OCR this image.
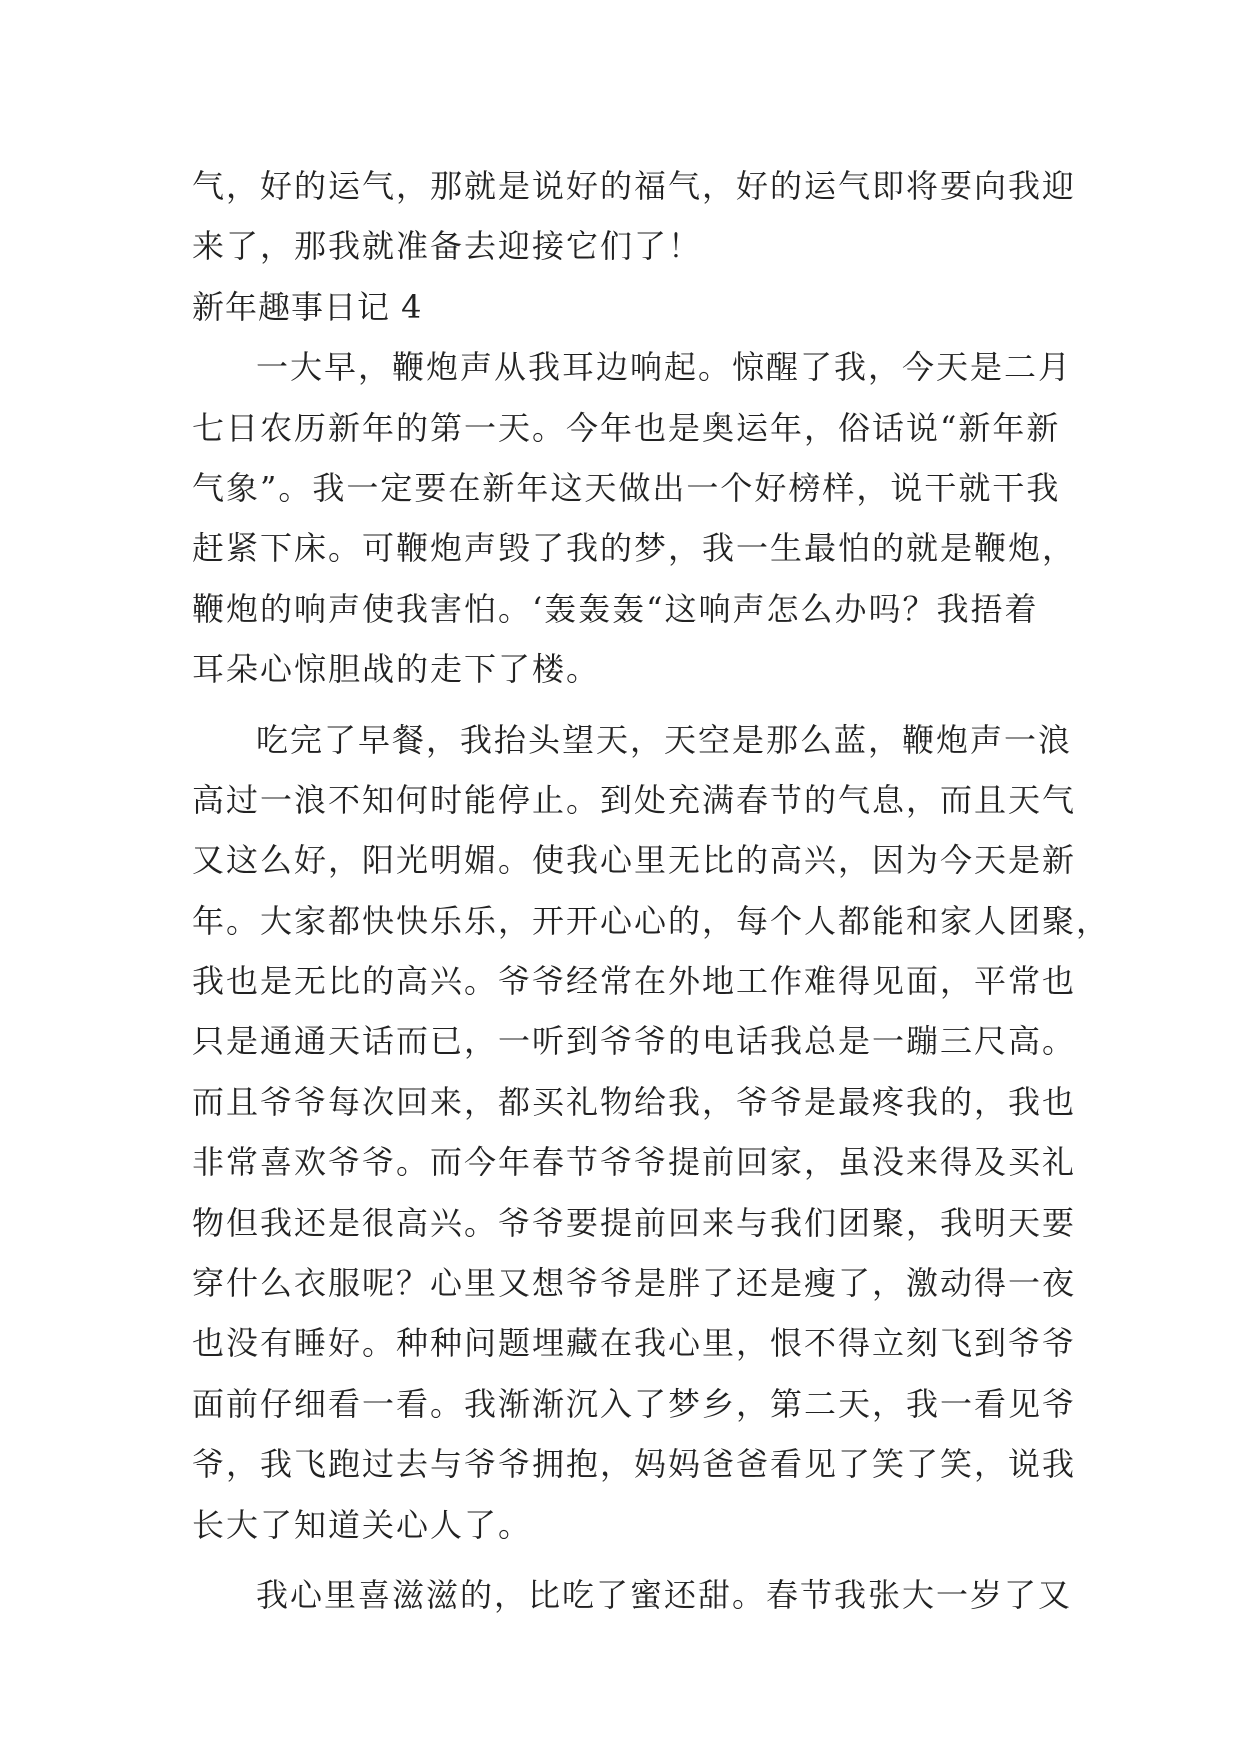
气，好的运气，那就是说好的福气，好的运气即将要向我迎
来了，那我就准备去迎接它们了！
新年趣事日记 4
一大早，鞭炮声从我耳边响起。惊醒了我，今天是二月
七日农历新年的第一天。今年也是奥运年，俗话说“新年新
气象”。我一定要在新年这天做出一个好榜样，说干就干我
赶紧下床。可鞭炮声毁了我的梦，我一生最怕的就是鞭炮，
鞭炮的响声使我害怕。‘轰轰轰“这响声怎么办吗？我捂着
耳朵心惊胆战的走下了楼。
吃完了早餐，我抬头望天，天空是那么蓝，鞭炮声一浪
高过一浪不知何时能停止。到处充满春节的气息，而且天气
又这么好，阳光明媚。使我心里无比的高兴，因为今天是新
年。大家都快快乐乐，开开心心的，每个人都能和家人团聚，
我也是无比的高兴。爷爷经常在外地工作难得见面，平常也
只是通通天话而已，一听到爷爷的电话我总是一蹦三尺高。
而且爷爷每次回来，都买礼物给我，爷爷是最疼我的，我也
非常喜欢爷爷。而今年春节爷爷提前回家，虽没来得及买礼
物但我还是很高兴。爷爷要提前回来与我们团聚，我明天要
穿什么衣服呢？心里又想爷爷是胖了还是瘦了，激动得一夜
也没有睡好。种种问题埋藏在我心里，恨不得立刻飞到爷爷
面前仔细看一看。我渐渐沉入了梦乡，第二天，我一看见爷
爷，我飞跑过去与爷爷拥抱，妈妈爸爸看见了笑了笑，说我
长大了知道关心人了。
我心里喜滋滋的，比吃了蜜还甜。春节我张大一岁了又
